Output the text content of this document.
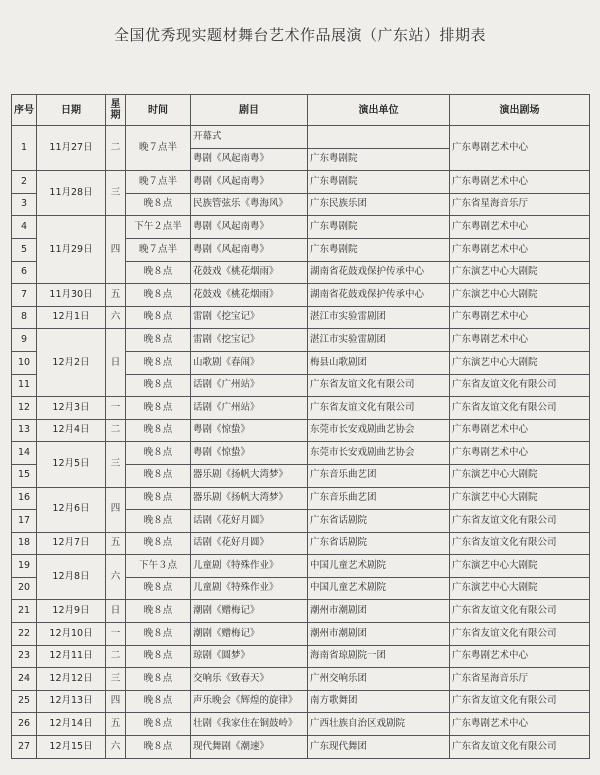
全国优秀现实题材舞台艺术作品展演（广东站）排期表
序号	日期	星期	时间	剧目	演出单位	演出剧场
1	11月27日	二	晚７点半	开幕式		广东粤剧艺术中心
				粤剧《风起南粤》	广东粤剧院	
2	11月28日	三	晚７点半	粤剧《风起南粤》	广东粤剧院	广东粤剧艺术中心
3			晚８点	民族管弦乐《粤海风》	广东民族乐团	广东省星海音乐厅
4	11月29日	四	下午２点半	粤剧《风起南粤》	广东粤剧院	广东粤剧艺术中心
5			晚７点半	粤剧《风起南粤》	广东粤剧院	广东粤剧艺术中心
6			晚８点	花鼓戏《桃花烟雨》	湖南省花鼓戏保护传承中心	广东演艺中心大剧院
7	11月30日	五	晚８点	花鼓戏《桃花烟雨》	湖南省花鼓戏保护传承中心	广东演艺中心大剧院
8	12月1日	六	晚８点	雷剧《挖宝记》	湛江市实验雷剧团	广东粤剧艺术中心
9	12月2日	日	晚８点	雷剧《挖宝记》	湛江市实验雷剧团	广东粤剧艺术中心
10			晚８点	山歌剧《春闹》	梅县山歌剧团	广东演艺中心大剧院
11			晚８点	话剧《广州站》	广东省友谊文化有限公司	广东省友谊文化有限公司
12	12月3日	一	晚８点	话剧《广州站》	广东省友谊文化有限公司	广东省友谊文化有限公司
13	12月4日	二	晚８点	粤剧《惊蛰》	东莞市长安戏剧曲艺协会	广东粤剧艺术中心
14	12月5日	三	晚８点	粤剧《惊蛰》	东莞市长安戏剧曲艺协会	广东粤剧艺术中心
15			晚８点	器乐剧《扬帆大湾梦》	广东音乐曲艺团	广东演艺中心大剧院
16	12月6日	四	晚８点	器乐剧《扬帆大湾梦》	广东音乐曲艺团	广东演艺中心大剧院
17			晚８点	话剧《花好月圆》	广东省话剧院	广东省友谊文化有限公司
18	12月7日	五	晚８点	话剧《花好月圆》	广东省话剧院	广东省友谊文化有限公司
19	12月8日	六	下午３点	儿童剧《特殊作业》	中国儿童艺术剧院	广东演艺中心大剧院
20			晚８点	儿童剧《特殊作业》	中国儿童艺术剧院	广东演艺中心大剧院
21	12月9日	日	晚８点	潮剧《赠梅记》	潮州市潮剧团	广东省友谊文化有限公司
22	12月10日	一	晚８点	潮剧《赠梅记》	潮州市潮剧团	广东省友谊文化有限公司
23	12月11日	二	晚８点	琼剧《圆梦》	海南省琼剧院一团	广东粤剧艺术中心
24	12月12日	三	晚８点	交响乐《致春天》	广州交响乐团	广东省星海音乐厅
25	12月13日	四	晚８点	声乐晚会《辉煌的旋律》	南方歌舞团	广东省友谊文化有限公司
26	12月14日	五	晚８点	壮剧《我家住在铜鼓岭》	广西壮族自治区戏剧院	广东粤剧艺术中心
27	12月15日	六	晚８点	现代舞剧《潮速》	广东现代舞团	广东省友谊文化有限公司
